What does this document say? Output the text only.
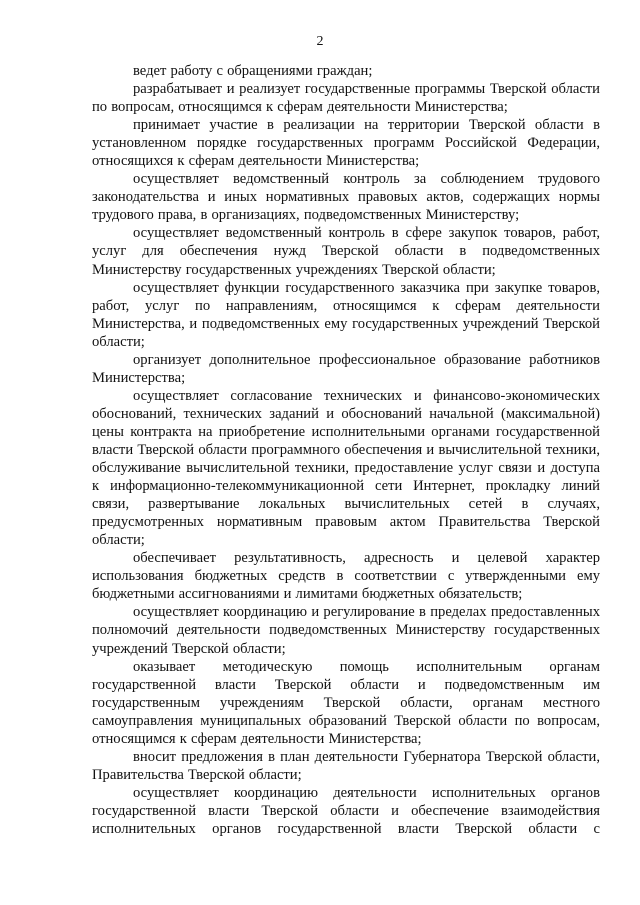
2

ведет работу с обращениями граждан;

разрабатывает и реализует государственные программы Тверской области по вопросам, относящимся к сферам деятельности Министерства;

принимает участие в реализации на территории Тверской области в установленном порядке государственных программ Российской Федерации, относящихся к сферам деятельности Министерства;

осуществляет ведомственный контроль за соблюдением трудового законодательства и иных нормативных правовых актов, содержащих нормы трудового права, в организациях, подведомственных Министерству;

осуществляет ведомственный контроль в сфере закупок товаров, работ, услуг для обеспечения нужд Тверской области в подведомственных Министерству государственных учреждениях Тверской области;

осуществляет функции государственного заказчика при закупке товаров, работ, услуг по направлениям, относящимся к сферам деятельности Министерства, и подведомственных ему государственных учреждений Тверской области;

организует дополнительное профессиональное образование работников Министерства;

осуществляет согласование технических и финансово-экономических обоснований, технических заданий и обоснований начальной (максимальной) цены контракта на приобретение исполнительными органами государственной власти Тверской области программного обеспечения и вычислительной техники, обслуживание вычислительной техники, предоставление услуг связи и доступа к информационно-телекоммуникационной сети Интернет, прокладку линий связи, развертывание локальных вычислительных сетей в случаях, предусмотренных нормативным правовым актом Правительства Тверской области;

обеспечивает результативность, адресность и целевой характер использования бюджетных средств в соответствии с утвержденными ему бюджетными ассигнованиями и лимитами бюджетных обязательств;

осуществляет координацию и регулирование в пределах предоставленных полномочий деятельности подведомственных Министерству государственных учреждений Тверской области;

оказывает методическую помощь исполнительным органам государственной власти Тверской области и подведомственным им государственным учреждениям Тверской области, органам местного самоуправления муниципальных образований Тверской области по вопросам, относящимся к сферам деятельности Министерства;

вносит предложения в план деятельности Губернатора Тверской области, Правительства Тверской области;

осуществляет координацию деятельности исполнительных органов государственной власти Тверской области и обеспечение взаимодействия исполнительных органов государственной власти Тверской области с
